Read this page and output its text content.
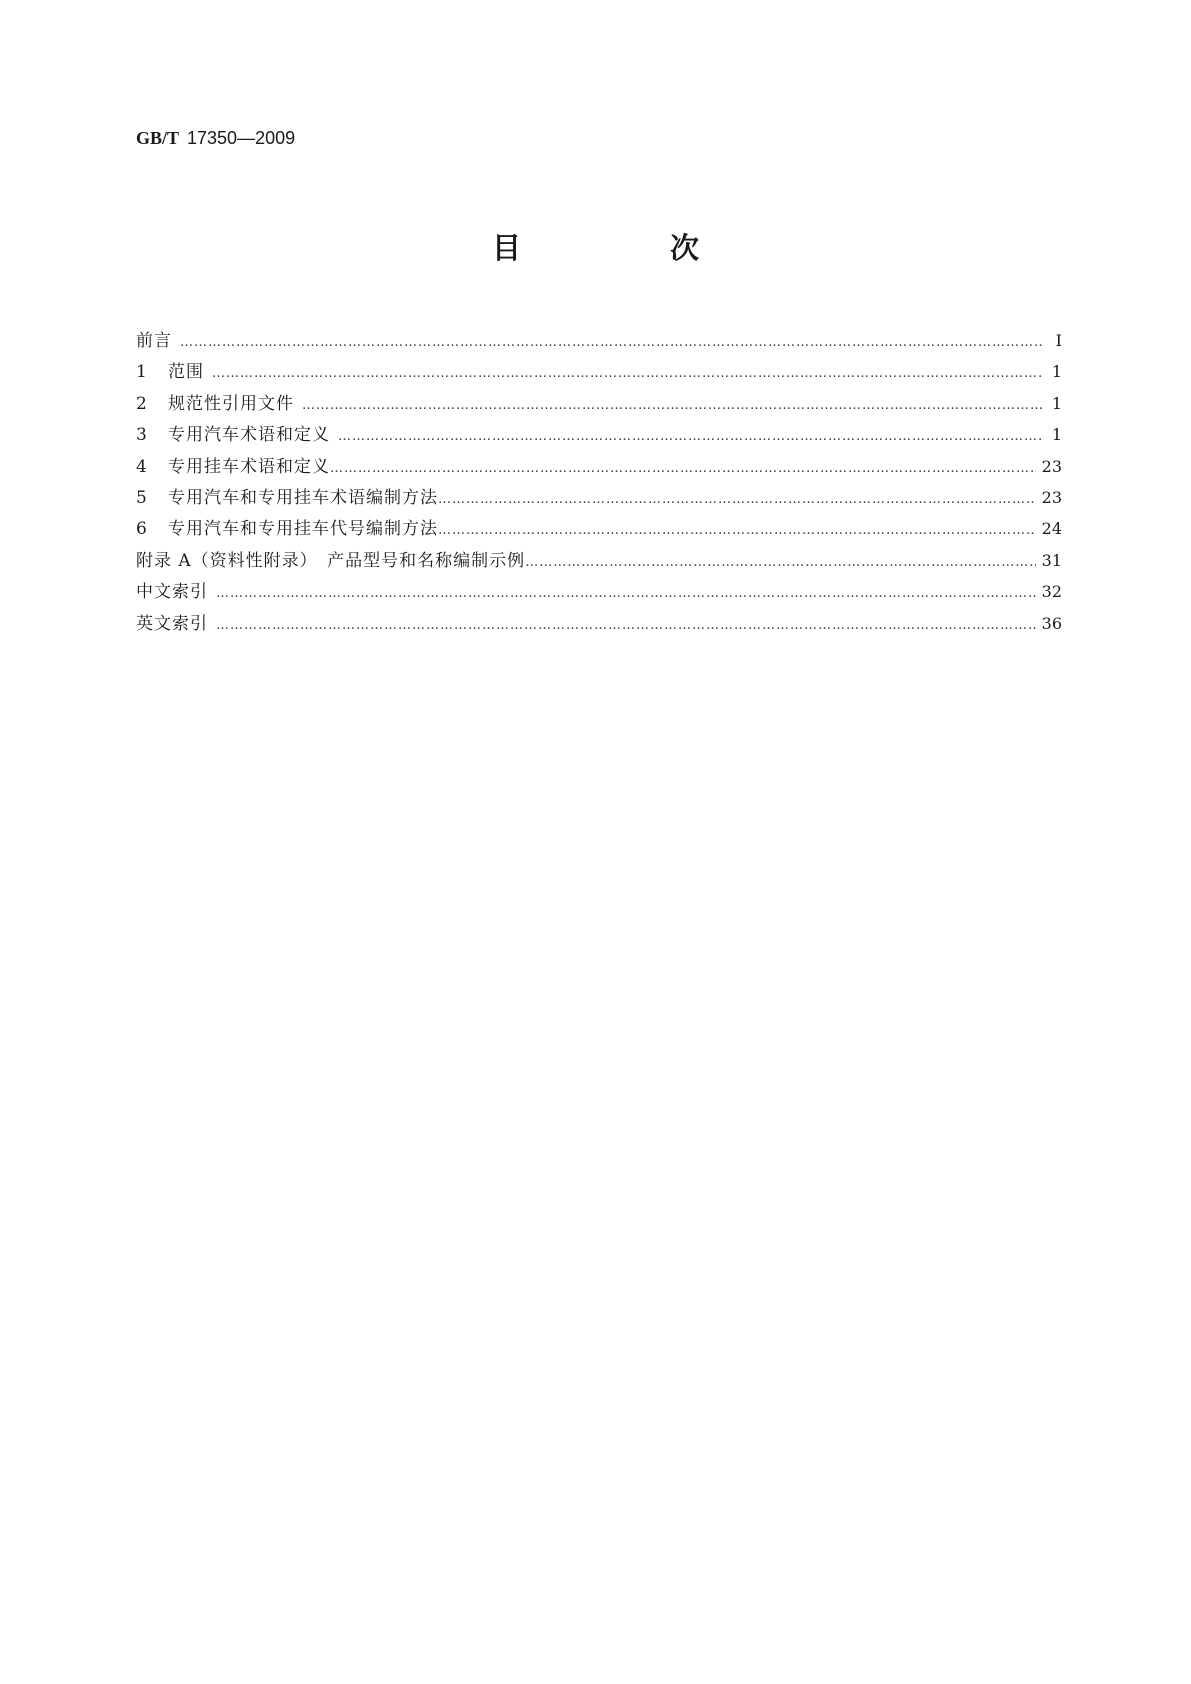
GB/T 17350—2009
目　次
前言 ………………………………………………………………………………………………………………………………………………………………………………………………………………………………	Ⅰ
1	范围 ………………………………………………………………………………………………………………………………………………………………………………………………………………………………	1
2	规范性引用文件 ………………………………………………………………………………………………………………………………………………………………………………………………………………………………	1
3	专用汽车术语和定义 ………………………………………………………………………………………………………………………………………………………………………………………………………………………………	1
4	专用挂车术语和定义 ………………………………………………………………………………………………………………………………………………………………………………………………………………………………	23
5	专用汽车和专用挂车术语编制方法 ………………………………………………………………………………………………………………………………………………………………………………………………………………………………	23
6	专用汽车和专用挂车代号编制方法 ………………………………………………………………………………………………………………………………………………………………………………………………………………………………	24
附录 A（资料性附录）　产品型号和名称编制示例 ………………………………………………………………………………………………………………………………………………………………………………………………………………………………	31
中文索引 ………………………………………………………………………………………………………………………………………………………………………………………………………………………………	32
英文索引 ………………………………………………………………………………………………………………………………………………………………………………………………………………………………	36
